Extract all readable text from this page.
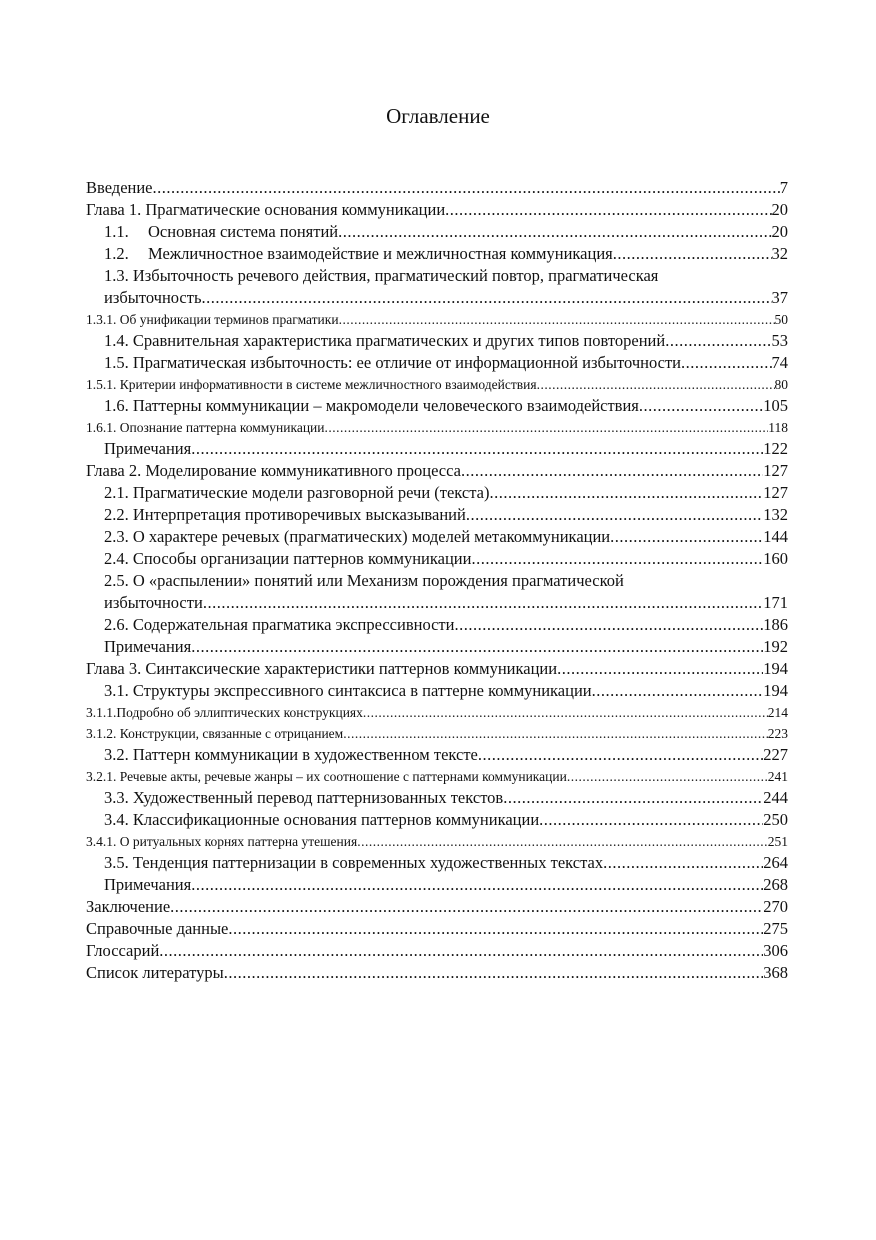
Оглавление
Введение .....	7
Глава 1. Прагматические основания коммуникации .....	20
1.1. Основная система понятий .....	20
1.2. Межличностное взаимодействие и межличностная коммуникация .....	32
1.3. Избыточность речевого действия, прагматический повтор, прагматическая
избыточность .....	37
1.3.1. Об унификации терминов прагматики .....	50
1.4. Сравнительная характеристика прагматических и других типов повторений .....	53
1.5. Прагматическая избыточность: ее отличие от информационной избыточности .....	74
1.5.1. Критерии информативности в системе межличностного взаимодействия .....	80
1.6. Паттерны коммуникации – макромодели человеческого взаимодействия .....	105
1.6.1. Опознание паттерна коммуникации .....	118
Примечания .....	122
Глава 2. Моделирование коммуникативного процесса .....	127
2.1. Прагматические модели разговорной речи (текста) .....	127
2.2. Интерпретация противоречивых высказываний .....	132
2.3. О характере речевых (прагматических) моделей метакоммуникации .....	144
2.4. Способы организации паттернов коммуникации .....	160
2.5. О «распылении» понятий или Механизм порождения прагматической
избыточности .....	171
2.6. Содержательная прагматика экспрессивности .....	186
Примечания .....	192
Глава 3. Синтаксические характеристики паттернов коммуникации .....	194
3.1. Структуры экспрессивного синтаксиса в паттерне коммуникации .....	194
3.1.1.Подробно об эллиптических конструкциях .....	214
3.1.2. Конструкции, связанные с отрицанием .....	223
3.2. Паттерн коммуникации в художественном тексте .....	227
3.2.1. Речевые акты, речевые жанры – их соотношение с паттернами коммуникации .....	241
3.3. Художественный перевод паттернизованных текстов .....	244
3.4. Классификационные основания паттернов коммуникации .....	250
3.4.1. О ритуальных корнях паттерна утешения .....	251
3.5. Тенденция паттернизации в современных художественных текстах .....	264
Примечания .....	268
Заключение .....	270
Справочные данные .....	275
Глоссарий .....	306
Список литературы .....	368
